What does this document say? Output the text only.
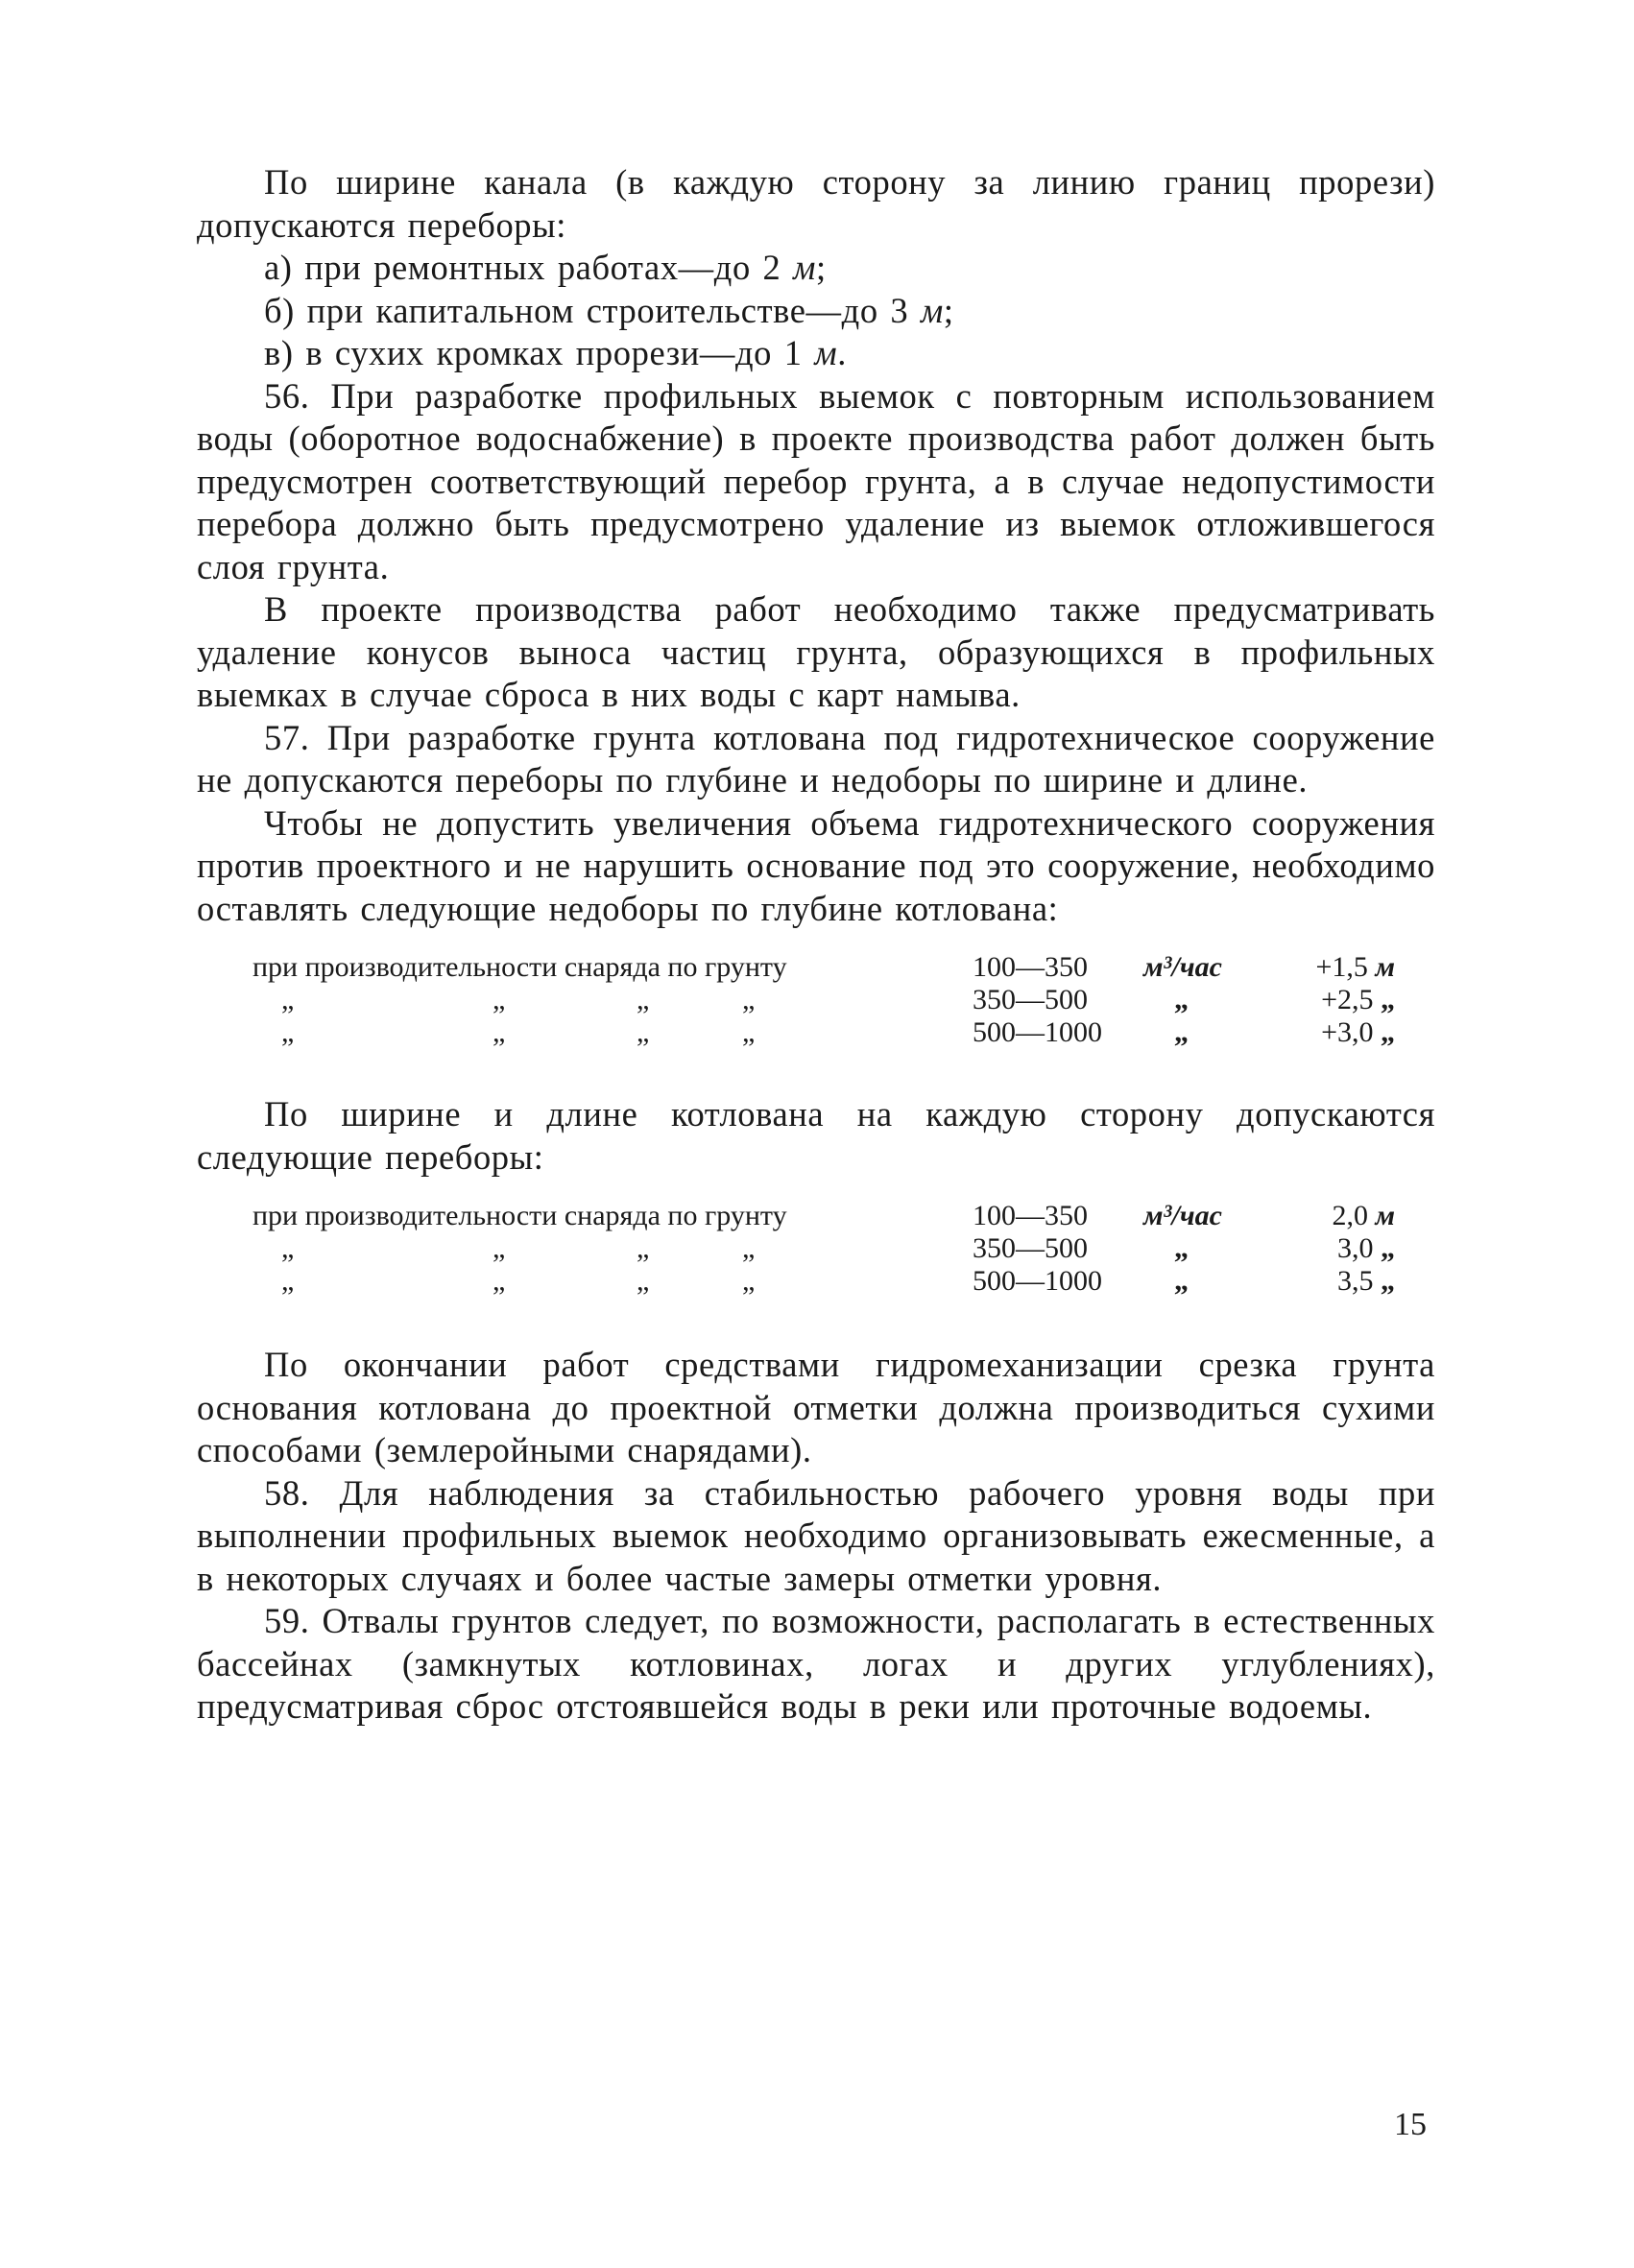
По ширине канала (в каждую сторону за линию границ прорези) допускаются переборы:

а) при ремонтных работах—до 2 м;

б) при капитальном строительстве—до 3 м;

в) в сухих кромках прорези—до 1 м.

56. При разработке профильных выемок с повторным использованием воды (оборотное водоснабжение) в проекте производства работ должен быть предусмотрен соответствующий перебор грунта, а в случае недопустимости перебора должно быть предусмотрено удаление из выемок отложившегося слоя грунта.

В проекте производства работ необходимо также предусматривать удаление конусов выноса частиц грунта, образующихся в профильных выемках в случае сброса в них воды с карт намыва.

57. При разработке грунта котлована под гидротехническое сооружение не допускаются переборы по глубине и недоборы по ширине и длине.

Чтобы не допустить увеличения объема гидротехнического сооружения против проектного и не нарушить основание под это сооружение, необходимо оставлять следующие недоборы по глубине котлована:

при производительности снаряда по грунту	100—350	м³/час	+1,5 м

„ „ „ „	350—500	„	+2,5 „

„ „ „ „	500—1000	„	+3,0 „

По ширине и длине котлована на каждую сторону допускаются следующие переборы:

при производительности снаряда по грунту	100—350	м³/час	2,0 м

„ „ „ „	350—500	„	3,0 „

„ „ „ „	500—1000	„	3,5 „

По окончании работ средствами гидромеханизации срезка грунта основания котлована до проектной отметки должна производиться сухими способами (землеройными снарядами).

58. Для наблюдения за стабильностью рабочего уровня воды при выполнении профильных выемок необходимо организовывать ежесменные, а в некоторых случаях и более частые замеры отметки уровня.

59. Отвалы грунтов следует, по возможности, располагать в естественных бассейнах (замкнутых котловинах, логах и других углублениях), предусматривая сброс отстоявшейся воды в реки или проточные водоемы.

15
